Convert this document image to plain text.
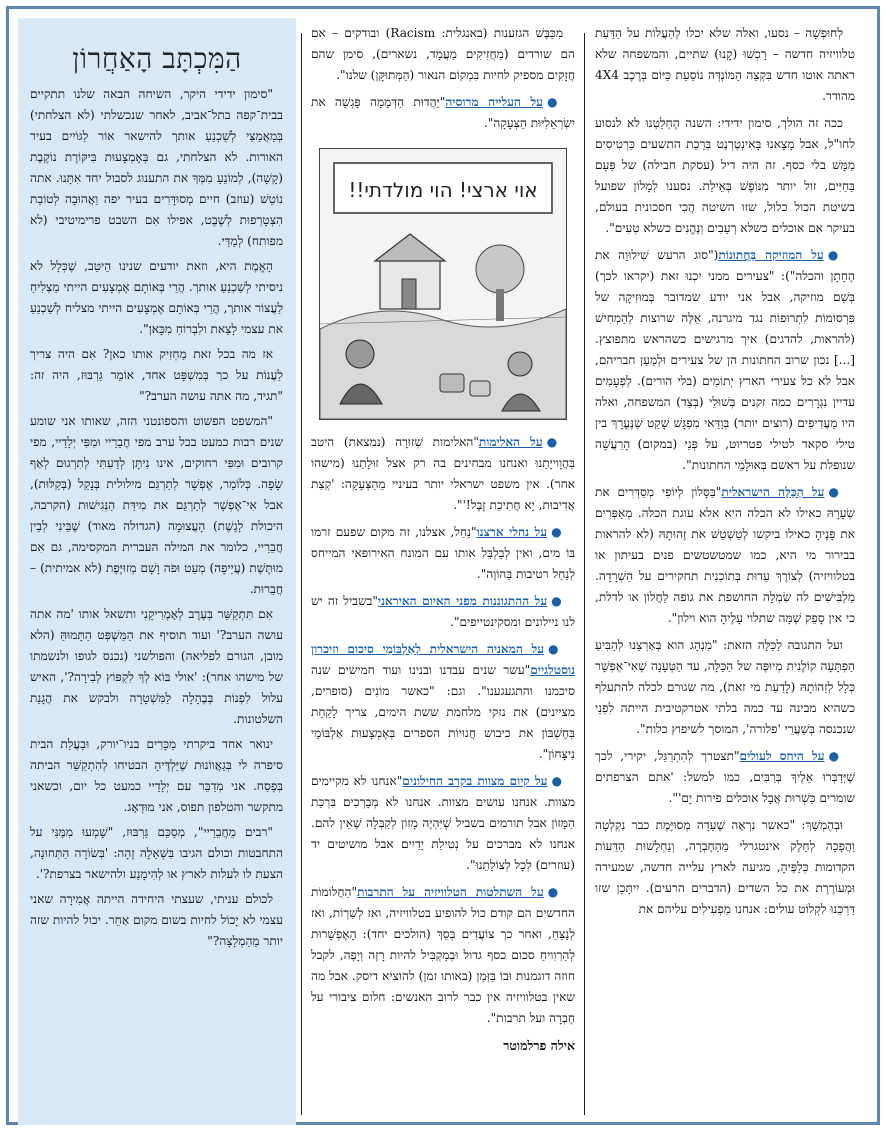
הַמִּכְתָּב הָאַחֲרוֹן

"סימון ידידי היקר, השיחה הבאה שלנו תתקיים בבית־קפה בתל־אביב, לאחר שנכשלתי (לא הצלחתי) בְּמַאֲמַצַּי לְשַׁכְנֵעַ אותך להישאר אוֹר לַגּוֹיִים בעיר האורות. לא הצלחתי, גם בְּאֶמְצָעוּת בִּיקּוֹרֶת נוֹקֶבֶת (קָשָׁה), לְמוֹנֵעַ מִמְּךָ את התענוג לסבול יחד אִתָּנוּ. אתה נוֹטֵשׁ (עוזב) חיים מְסוּדָּרִים בעיר יפה וַאֲהוּבָה לְטוֹבַת הִצְטָרְפוּת לְשֶׁבֶט, אפילו אִם השבט פרימיטיבי (לא מפותח) לְמַדַּי.

הָאֱמֶת היא, וזאת יודעים שנינו הֵיטֵב, שֶׁכְּלָל לא ניסיתי לְשַׁכְנֵעַ אותך. הֲרֵי בְּאוֹתָם אֶמְצָעִים הייתי מַצְלִיחַ לַעֲצוֹר אותך, הֲרֵי בְּאוֹתָם אֶמְצָעִים הייתי מצליח לְשַׁכְנֵעַ את עצמי לָצֵאת ולִבְרוֹחַ מִכָּאן".

אז מה בכל זאת מַחְזִיק אותו כאן? אִם היה צריך לַעֲנוֹת על כך בְּמִשְׁפָּט אחד, אוֹמֵר גַּרְבּוּז, היה זה: "תגיד, מה אתה עושה הערב?"

"המשפט הפשוט והספונטני הזה, שאותו אני שומע שנים רבות כמעט בכל ערב מפי חֲבֵרַיי וּמִפִּי יְלָדַיי, מפי קרובים וּמִפִּי רחוקים, אינו נִיתָּן לְדַעְתִּי לְתִרְגוּם לְאַף שָׂפָה. כְּלוֹמַר, אֶפְשָׁר לְתַרְגֵּם מילולית בְּנָקֵל (בְּקַלּוּת), אבל אִי־אֶפְשָׁר לְתַרְגֵּם את מִידַּת הַנְּגִישׁוּת (הקרבה, היכולת לָגֶשֶׁת) הָעֲצוּמָה (הגדולה מאוד) שֶׁבֵּינִי לְבֵין חֲבֵרַיי, כלומר את המילה העברית המקסימה, גם אִם מוּתֶּשֶׁת (עֲיֵיפָה) מְעַט וּפֹה וָשָׁם מְזוּיֶּפֶת (לא אמיתית) – חֲבֵרוּת.

אִם תִּתְקַשֵּׁר בְּעֶרֶב לְאָמֶרִיקָנִי ותשאל אותו 'מה אתה עושה הערב?' ועוד תוסיף את הַמַּשְׁפְּט הַתָּמוּהַּ (הלא מובן, הגורם לפליאה) והפולשני (נכנס לגופו ולנשמתו של מישהו אחר): 'אולי בּוֹא לְךָ לִקְפּוֹץ לְבִירָה?', האיש עלול לִפְנוֹת בְּבֶהָלָה לַמִּשְׁטָרָה ולבקש את הֲגָנַת השלטונות.

ינואר אחד ביקרתי מַכָּרִים בניו־יורק, וּבַעֲלַת הבית סיפרה לי בְּגַאֲווֹנוּת שֶׁיַּלְדֶּיהָ הבטיחו לְהִתְקַשֵּׁר הביתה בְּפֶסַח. אני מְדַבֵּר עם יְלָדַיי כמעט כל יום, וכשאני מתקשר והטלפון תפוס, אני מוּדְאָג.

"רבים מֵחֲבֵרַיי", מְסַכֵּם גַּרְבּוּז, "שָׁמְעוּ מִמֶּנִּי על התחבטות וכולם הגיבו בִּשְׁאֵלָה זֶהָה: 'בְּשׂוֹרָה הַתְּחוּנָה, הצעת לו לעלות לארץ או לְהִימָנַע ולהישאר בצרפת?'.

לכולם עניתי, שעצתי היחידה הייתה אֲמִירָה שאני עצמי לא יָכוֹל לחיות בשום מקום אַחֵר. יכול להיות שזה יותר מֵהַמְלָצָה?"

לְחוּפְשָׁה – נסעו, ואלה שלא יכלו לְהַעֲלוֹת על הַדַּעַת טלוויזיה חדשה – רָכְשׁוּ (קָנוּ) שתיים, והמשפחה שלא ראתה אוטו חדש בִּקְצֵה הַמּוֹנְדְּה נוֹסַעַת כַּיּוֹם בְּרֶכֶב 4X4 מהודר.

ככה זה הולך, סימון ידידי: השנה הֶחְלַטְנוּ לא לנסוע לחו"ל, אבל מָצָאנוּ בָּאִינְטֶרְנֶט בְּרֵכַת התשעים כַּרְטִיסִים מַמָּשׁ בלי כסף. זה היה דיל (עסקת חבילה) של פַּעַם בַּחַיִּים, זול יותר מִנּוֹפֶשׁ בְּאֵילַת. נסענו לְמָלוֹן שפועל בשיטת הכול כלול, שזו השיטה הֲכִי חסכונית בעולם, בעיקר אִם אוכלים כשלא רְעֵבִים וְנֶהֱנִים כשלא טְעִים".

●על המוזיקה בַּחֲתוּנוֹת("סוג הרעש שִׁילוּוָה את הֶחָתָן והכלה"): "צעירים ממני יִכְנוּ זאת (יקראו לכך) בְּשֵׁם מוזיקה, אבל אני יודע שמדובר בְּמוּזִיקָה של פִּרְסוֹמוֹת לִתְרוּפוֹת נגד מיגרנה, אֵלֶּה שרוצות לְהַמְחִישׁ (להראות, להדגים) איך מרגישים כשהראש מתפוצץ. [...] נכון שרוב החתונות הן של צעירים וּלְמַעַן חבריהם, אבל לא כל צעירי הארץ יְתוֹמִים (בלי הורים). לְפְעָמִים עדיין נִגְרָרִים כמה זקנים בְּשׁוּלֵי (בְּצַד) המשפחה, ואלה היו מַעֲדִיפִים (רוצים יותר) בְּוַדַּאי מִפְגָּשׁ שָׁקֵט שֶׁנֶּעֱרָךְ בין טילי סקאד לטילי פטריוט, על פְּנֵי (במקום) הָרַעֲשָׁה שנופלת על ראשם בְּאוּלָמֵי החתונות".

●על הַכַּלָּה הישראלית"בַּסָּלוֹן לְיוֹפִי מְסַדְּרִים את שְׂעָרָהּ כאילו לא הכלה היא אלא עוגת הכלה. מְאַפְּרִים את פָּנֶיהָ כאילו ביקשו לְטַשְׁטֵשׁ את זֶהוּתָהּ (לא להראות בבירור מי היא, כמו שמטשטשים פנים בעיתון או בטלוויזיה) לְצוֹרֶךְ עֵדוּת בְּתוֹכְנִית תחקירים על הַשְׁרָדָה. מַלְבִּישִׁים לה שִׂמְלָה החושפת את גופה לַחֲלוֹן או לדלת, כי אין סָפֵק שֶׁמָּה שתלוי עָלֶיהָ הוא וילון".

ועל התגובה לַכַּלָּה הזאת: "מִנְהָג הוא בְּאַרְצֵנוּ לְהַבִּיעַ הַפְתָּעָה קוֹלֶנִית מְיוּפֶּה של הַכַּלָּה, עד הַטְּעָנָה שֶׁאִי־אֶפְשָׁר כְּלָל לְזַהוֹתָהּ (לָדַעַת מי זאת), מה שגורם לכלה להתעלף כשהיא מבינה עד כמה בלתי אטרקטיבית הייתה לִפְנֵי שנכנסה בְּשַׁעֲרֵי 'פלורה', המוסך לשיפוץ כלות".

●על היחס לעולים"תצטרך לְהִתְרַגֵּל, יקירי, לכך שֶׁיְּדַבְּרוּ אֵלֶיךָ בְּרַבִּים, כמו למשל: 'אתם הצרפתים שומרים כַּשְׁרוּת אֲבָל אוכלים פירות יָם'".

וּבְהֶמְשֵׁךְ: "כאשר נִרְאָה שֶׁעֵדָה מְסוּיֶּמֶת כבר נִקְלְטָה וַהֲפָכָה לְחֵלֶק אינטגרלי מֵהַחֶבְרָה, וְנַחְלָשׁוּת הַדֵּעוֹת הקדומות כְּלַפֶּיהָ, מגיעה לארץ עלייה חדשה, שמעירה וּמְעוֹרֶרֶת את כל השדים (הדברים הרעים). יִיתָּכֵן שזו דַּרְכֵּנוּ לִקְלוֹט עולים: אנחנו מַפְעִילִים עליהם את

מִכַּבֶּשׁ הגזענות (באנגלית: Racism) ובודקים – אִם הם שורדים (מַחֲזִיקִים מַעֲמָד, נשארים), סימן שהם חֲזָקִים מספיק לחיות בִּמְקוֹם הנאור (הַמְּתוּקָּן) שלנו".

●על העלייה מרוסיה"יַהֲדוּת הַדְּמָמָה פָּגְשָׁה את יִשְׂרְאֵלִיּוּת הַצְּעָקָה".

אוי ארצי! הוי מולדתי!!

●על האלימות"האלימות שְׁזוּרָה (נמצאת) היטב בַּהֲוָוייָתֵנוּ ואנחנו מבחינים בה רק אצל זוּלָתֵנוּ (מישהו אחר). אין משפט ישראלי יותר בעיניי מֵהַצְּעָקָה: 'קְצַת אֲדִיבוּת, יָא חֲתִיכַת זֶבֶל!'".

●על נחלי ארצנו"נַחַל, אצלנו, זה מקום שפעם זרמו בּוֹ מים, ואין לְבַלְבֵּל אותו עם המונח האירופאי המייחס לְנַחַל רטיבות בַּהוֹוֶה".

●על ההתגוננות מפני האיום האיראני"בשביל זה יש לנו ניילונים ומסקינטייפים".

●על המאניה הישראלית לְאַלְבּוֹמֵי סיכום וזיכרון נוסטלגיים"עשר שנים עבדנו ובנינו ועוד חמישים שנה סיכמנו והתגעגענו". וגם: "כאשר מוֹנִים (סופרים, מציינים) את נזקי מלחמת ששת הימים, צריך לָקַחַת בְּחֶשְׁבּוֹן את כיבוש חֲנוּיוֹת הספרים בְּאֶמְצָעוּת אַלְבּוֹמֵי נִיצָּחוֹן".

●על קיום מצוות בקרב החילונים"אנחנו לא מקיימים מצוות. אנחנו עושים מצוות. אנחנו לא מְבָרְכִים בִּרְכַּת הַמָּזוֹן אבל תורמים בשביל שֶׁיִּהְיֶה מָזוֹן לְקַבְּלָה שֶׁאֵין להם. אנחנו לא מברכים על נְטִילַת יָדַיִים אבל מושיטים יד (עוזרים) לְכָל לְצוֹלָתֵנוּ".

●על השתלטות הטלוויזיה על התרבות"הַחֲלוֹמוֹת החדשים הם קודם כול להופיע בטלוויזיה, ואז לְשַׁרְוֹת, ואז לְנַצֵּחַ, ואחר כך צוֹעֲדִים בְּסֵךְ (הולכים יחד): הָאֶפְשָׁרוּת לְהַרְוִויחַ סכום כסף גדול וּבְמַקְבִּיל להיות רָזֶה וְיָפֶה, לקבל חוזה דוגמנות וּבוֹ בַּזְּמַן (באותו זמן) להוציא דיסק. אבל מה שאין בטלוויזיה אין כבר לרוב האנשים: חלום ציבורי על חֶבְרָה ועל תרבות".

אילה פרלמוטר
